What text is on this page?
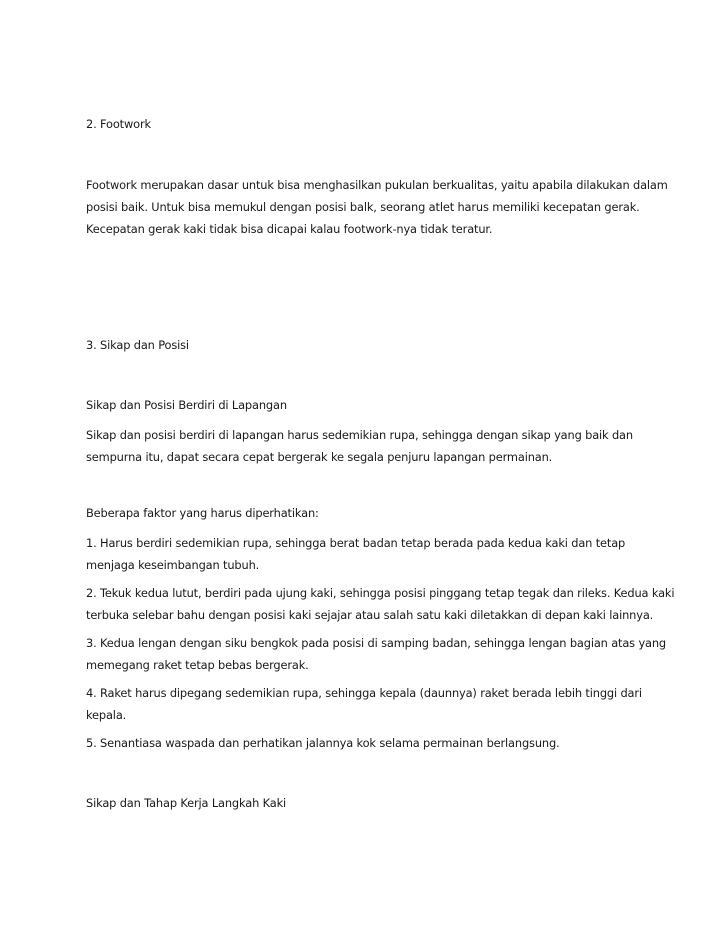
2. Footwork
Footwork merupakan dasar untuk bisa menghasilkan pukulan berkualitas, yaitu apabila dilakukan dalam
posisi baik. Untuk bisa memukul dengan posisi balk, seorang atlet harus memiliki kecepatan gerak.
Kecepatan gerak kaki tidak bisa dicapai kalau footwork-nya tidak teratur.
3. Sikap dan Posisi
Sikap dan Posisi Berdiri di Lapangan
Sikap dan posisi berdiri di lapangan harus sedemikian rupa, sehingga dengan sikap yang baik dan
sempurna itu, dapat secara cepat bergerak ke segala penjuru lapangan permainan.
Beberapa faktor yang harus diperhatikan:
1. Harus berdiri sedemikian rupa, sehingga berat badan tetap berada pada kedua kaki dan tetap
menjaga keseimbangan tubuh.
2. Tekuk kedua lutut, berdiri pada ujung kaki, sehingga posisi pinggang tetap tegak dan rileks. Kedua kaki
terbuka selebar bahu dengan posisi kaki sejajar atau salah satu kaki diletakkan di depan kaki lainnya.
3. Kedua lengan dengan siku bengkok pada posisi di samping badan, sehingga lengan bagian atas yang
memegang raket tetap bebas bergerak.
4. Raket harus dipegang sedemikian rupa, sehingga kepala (daunnya) raket berada lebih tinggi dari
kepala.
5. Senantiasa waspada dan perhatikan jalannya kok selama permainan berlangsung.
Sikap dan Tahap Kerja Langkah Kaki
